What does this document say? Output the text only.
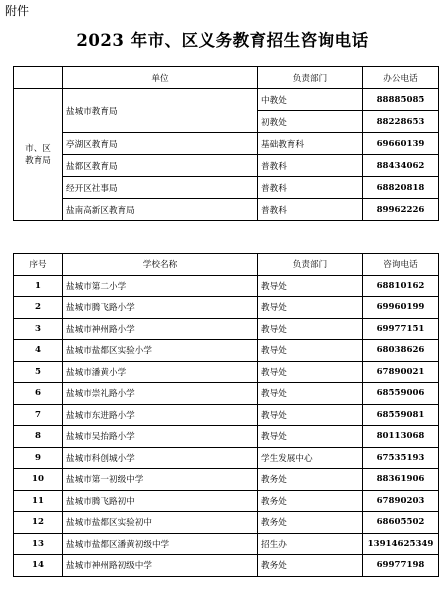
附件
2023 年市、区义务教育招生咨询电话
	单位	负责部门	办公电话
市、区
教育局	盐城市教育局	中教处	88885085
		初教处	88228653
	亭湖区教育局	基础教育科	69660139
	盐都区教育局	普教科	88434062
	经开区社事局	普教科	68820818
	盐南高新区教育局	普教科	89962226
序号	学校名称	负责部门	咨询电话
1	盐城市第二小学	教导处	68810162
2	盐城市腾飞路小学	教导处	69960199
3	盐城市神州路小学	教导处	69977151
4	盐城市盐都区实验小学	教导处	68038626
5	盐城市潘黄小学	教导处	67890021
6	盐城市崇礼路小学	教导处	68559006
7	盐城市东进路小学	教导处	68559081
8	盐城市吴抬路小学	教导处	80113068
9	盐城市科创城小学	学生发展中心	67535193
10	盐城市第一初级中学	教务处	88361906
11	盐城市腾飞路初中	教务处	67890203
12	盐城市盐都区实验初中	教务处	68605502
13	盐城市盐都区潘黄初级中学	招生办	13914625349
14	盐城市神州路初级中学	教务处	69977198
